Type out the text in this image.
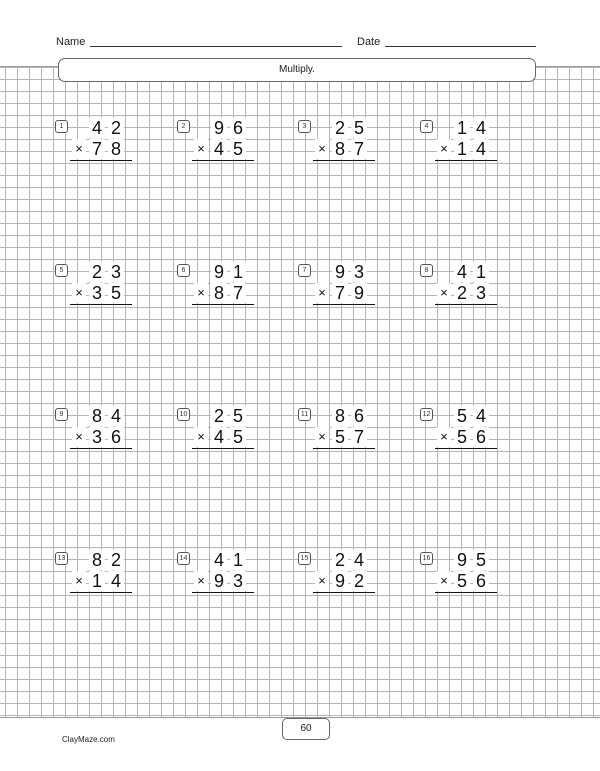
Name	Date
Multiply.
1 4 2
× 7 8
2 9 6
× 4 5
3 2 5
× 8 7
4 1 4
× 1 4
5 2 3
× 3 5
6 9 1
× 8 7
7 9 3
× 7 9
8 4 1
× 2 3
9 8 4
× 3 6
10 2 5
× 4 5
11 8 6
× 5 7
12 5 4
× 5 6
13 8 2
× 1 4
14 4 1
× 9 3
15 2 4
× 9 2
16 9 5
× 5 6
60
ClayMaze.com
